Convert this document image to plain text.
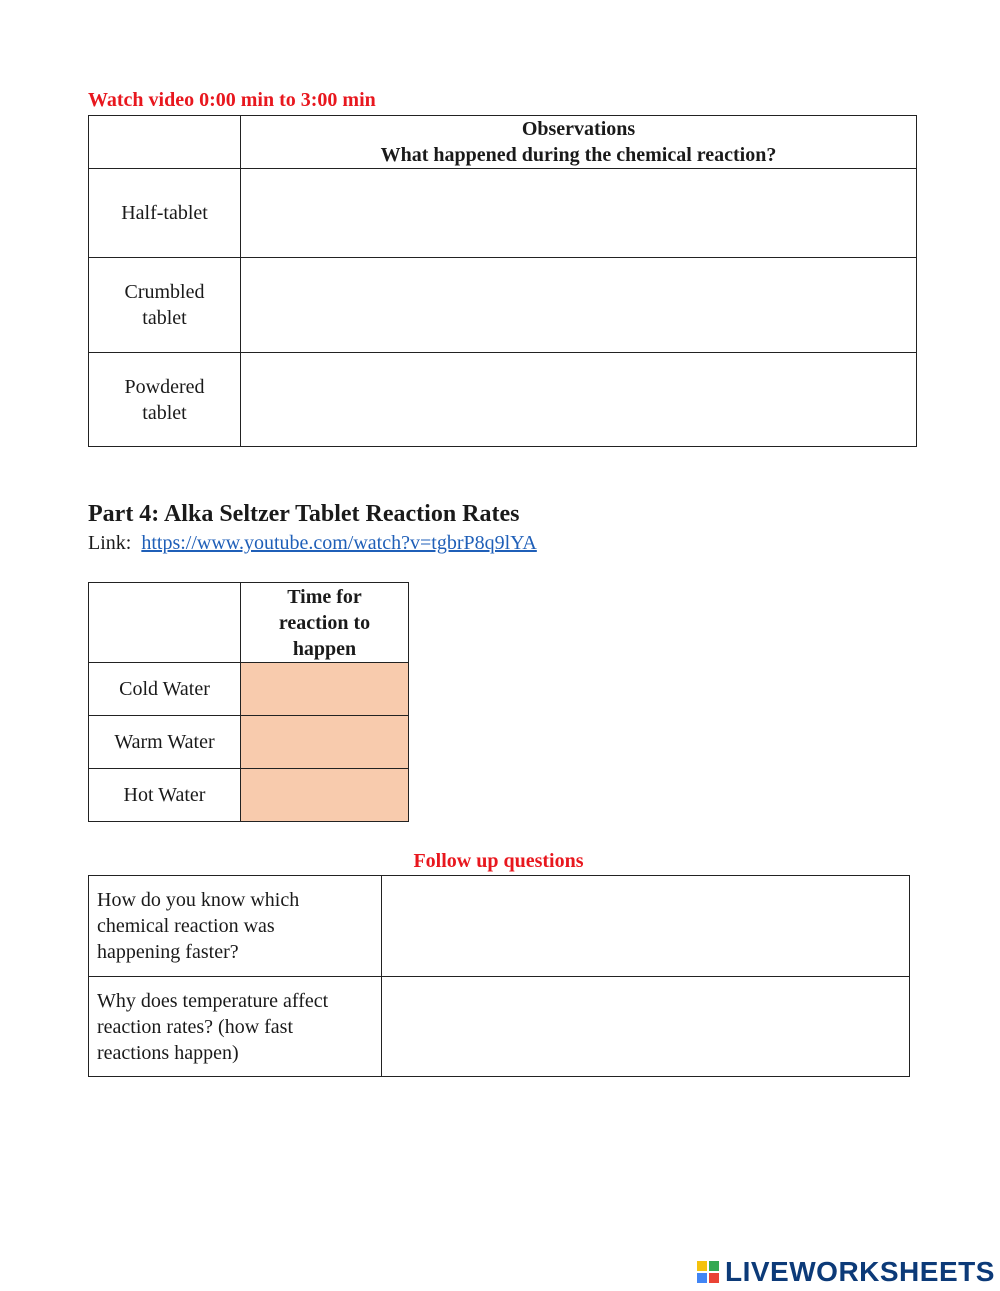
Watch video 0:00 min to 3:00 min

	Observations
What happened during the chemical reaction?

Half-tablet	

Crumbled
tablet	

Powdered
tablet	

Part 4: Alka Seltzer Tablet Reaction Rates
Link:  https://www.youtube.com/watch?v=tgbrP8q9lYA

	Time for
reaction to
happen

Cold Water	
Warm Water	
Hot Water	
Follow up questions
How do you know which
chemical reaction was
happening faster?	

Why does temperature affect
reaction rates? (how fast
reactions happen)	

LIVEWORKSHEETS
